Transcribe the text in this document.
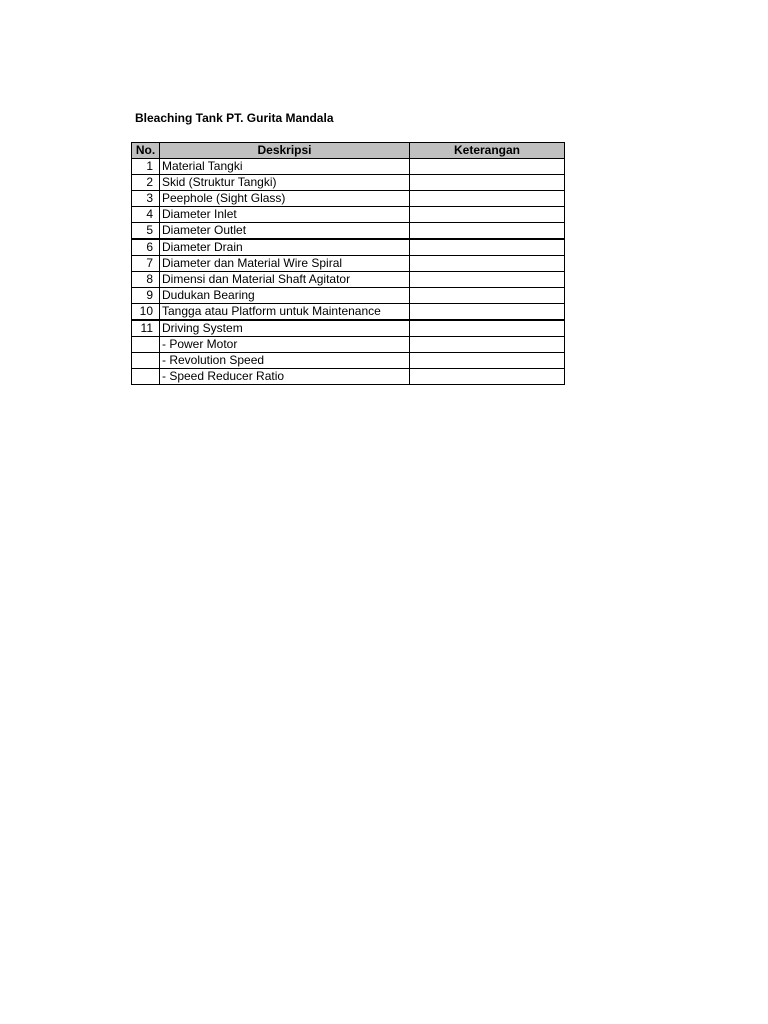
Bleaching Tank PT. Gurita Mandala
No.	Deskripsi	Keterangan
1	Material Tangki	
2	Skid (Struktur Tangki)	
3	Peephole (Sight Glass)	
4	Diameter Inlet	
5	Diameter Outlet	
6	Diameter Drain	
7	Diameter dan Material Wire Spiral	
8	Dimensi dan Material Shaft Agitator	
9	Dudukan Bearing	
10	Tangga atau Platform untuk Maintenance	
11	Driving System	
	- Power Motor	
	- Revolution Speed	
	- Speed Reducer Ratio	
